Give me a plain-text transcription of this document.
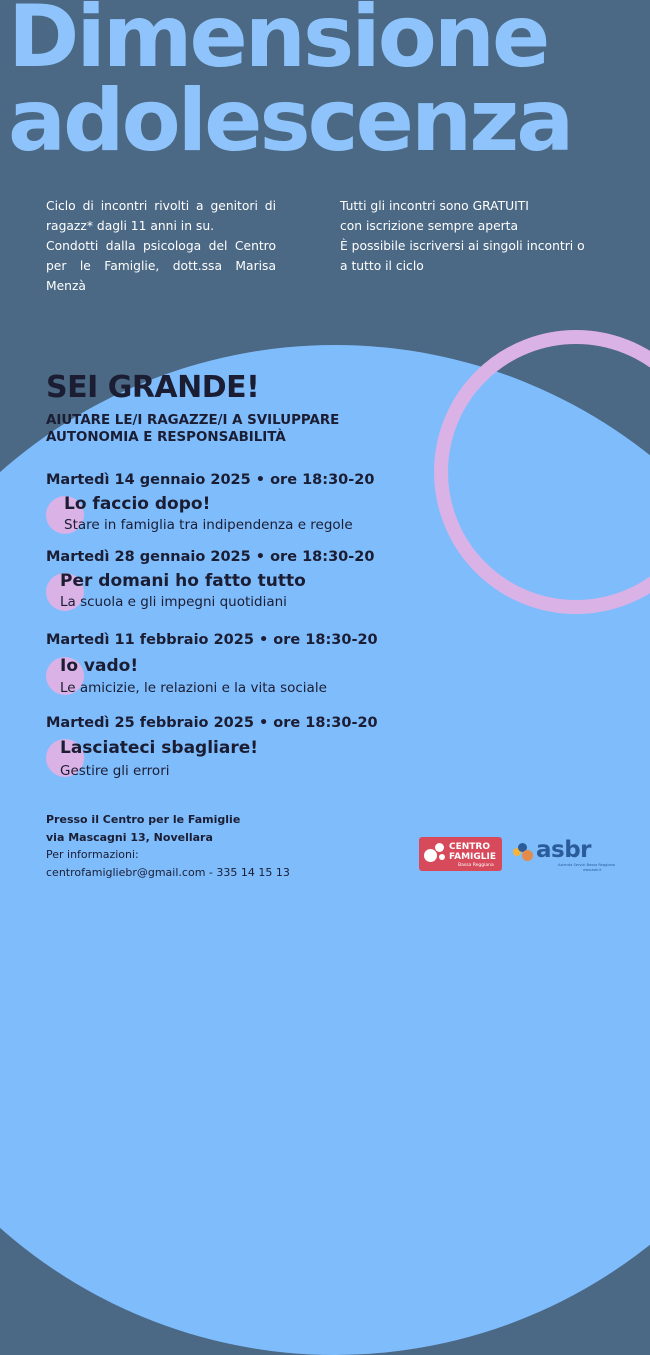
Dimensione
adolescenza
Ciclo di incontri rivolti a genitori di ragazz* dagli 11 anni in su.
Condotti dalla psicologa del Centro per le Famiglie, dott.ssa Marisa Menzà
Tutti gli incontri sono GRATUITI
con iscrizione sempre aperta
È possibile iscriversi ai singoli incontri o
a tutto il ciclo
SEI GRANDE!
AIUTARE LE/I RAGAZZE/I A SVILUPPARE
AUTONOMIA E RESPONSABILITÀ
Martedì 14 gennaio 2025 • ore 18:30-20
Lo faccio dopo!
Stare in famiglia tra indipendenza e regole
Martedì 28 gennaio 2025 • ore 18:30-20
Per domani ho fatto tutto
La scuola e gli impegni quotidiani
Martedì 11 febbraio 2025 • ore 18:30-20
Io vado!
Le amicizie, le relazioni e la vita sociale
Martedì 25 febbraio 2025 • ore 18:30-20
Lasciateci sbagliare!
Gestire gli errori
Presso il Centro per le Famiglie
via Mascagni 13, Novellara
Per informazioni:
centrofamigliebr@gmail.com - 335 14 15 13
CENTRO
FAMIGLIE
Bassa Reggiana
asbr
Azienda Servizi Bassa Reggiana
www.asbr.it
